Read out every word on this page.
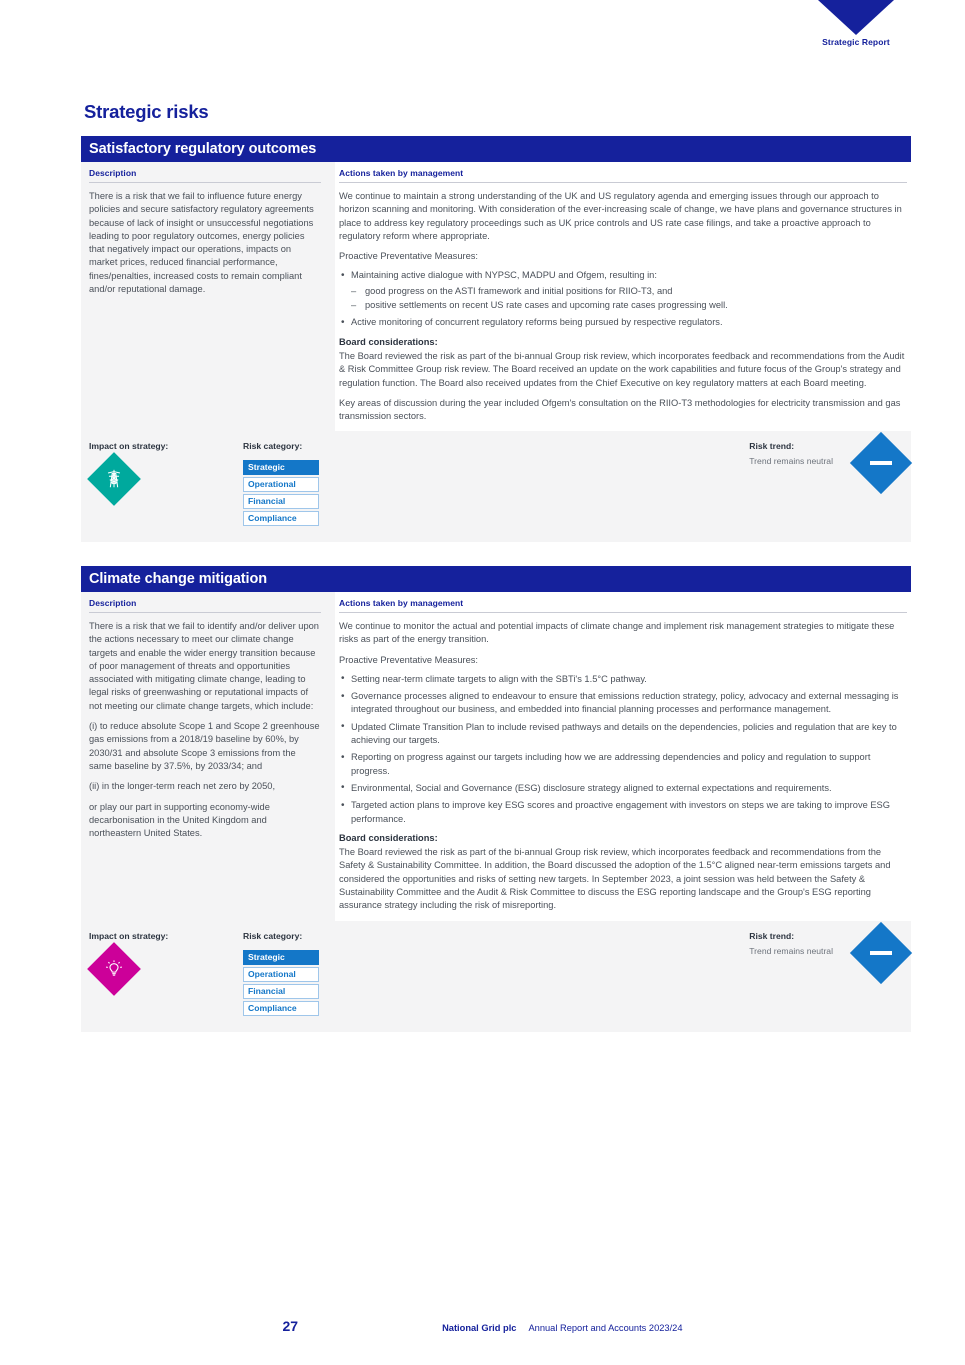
Strategic Report
Strategic risks
Satisfactory regulatory outcomes
Description

There is a risk that we fail to influence future energy policies and secure satisfactory regulatory agreements because of lack of insight or unsuccessful negotiations leading to poor regulatory outcomes, energy policies that negatively impact our operations, impacts on market prices, reduced financial performance, fines/penalties, increased costs to remain compliant and/or reputational damage.

Actions taken by management

We continue to maintain a strong understanding of the UK and US regulatory agenda and emerging issues through our approach to horizon scanning and monitoring. With consideration of the ever-increasing scale of change, we have plans and governance structures in place to address key regulatory proceedings such as UK price controls and US rate case filings, and take a proactive approach to regulatory reform where appropriate.

Proactive Preventative Measures:

• Maintaining active dialogue with NYPSC, MADPU and Ofgem, resulting in:
– good progress on the ASTI framework and initial positions for RIIO-T3, and
– positive settlements on recent US rate cases and upcoming rate cases progressing well.
• Active monitoring of concurrent regulatory reforms being pursued by respective regulators.

Board considerations:

The Board reviewed the risk as part of the bi-annual Group risk review, which incorporates feedback and recommendations from the Audit & Risk Committee Group risk review. The Board received an update on the work capabilities and future focus of the Group's strategy and regulation function. The Board also received updates from the Chief Executive on key regulatory matters at each Board meeting.

Key areas of discussion during the year included Ofgem's consultation on the RIIO-T3 methodologies for electricity transmission and gas transmission sectors.

Impact on strategy:	Risk category:
Strategic
Operational
Financial
Compliance
Risk trend:
Trend remains neutral
Climate change mitigation
Description

There is a risk that we fail to identify and/or deliver upon the actions necessary to meet our climate change targets and enable the wider energy transition because of poor management of threats and opportunities associated with mitigating climate change, leading to legal risks of greenwashing or reputational impacts of not meeting our climate change targets, which include:

(i) to reduce absolute Scope 1 and Scope 2 greenhouse gas emissions from a 2018/19 baseline by 60%, by 2030/31 and absolute Scope 3 emissions from the same baseline by 37.5%, by 2033/34; and

(ii) in the longer-term reach net zero by 2050,

or play our part in supporting economy-wide decarbonisation in the United Kingdom and northeastern United States.

Actions taken by management

We continue to monitor the actual and potential impacts of climate change and implement risk management strategies to mitigate these risks as part of the energy transition.

Proactive Preventative Measures:

• Setting near-term climate targets to align with the SBTi's 1.5°C pathway.
• Governance processes aligned to endeavour to ensure that emissions reduction strategy, policy, advocacy and external messaging is integrated throughout our business, and embedded into financial planning processes and performance management.
• Updated Climate Transition Plan to include revised pathways and details on the dependencies, policies and regulation that are key to achieving our targets.
• Reporting on progress against our targets including how we are addressing dependencies and policy and regulation to support progress.
• Environmental, Social and Governance (ESG) disclosure strategy aligned to external expectations and requirements.
• Targeted action plans to improve key ESG scores and proactive engagement with investors on steps we are taking to improve ESG performance.

Board considerations:

The Board reviewed the risk as part of the bi-annual Group risk review, which incorporates feedback and recommendations from the Safety & Sustainability Committee. In addition, the Board discussed the adoption of the 1.5°C aligned near-term emissions targets and considered the opportunities and risks of setting new targets. In September 2023, a joint session was held between the Safety & Sustainability Committee and the Audit & Risk Committee to discuss the ESG reporting landscape and the Group's ESG reporting assurance strategy including the risk of misreporting.

Impact on strategy:	Risk category:
Strategic
Operational
Financial
Compliance
Risk trend:
Trend remains neutral
27	National Grid plc Annual Report and Accounts 2023/24
